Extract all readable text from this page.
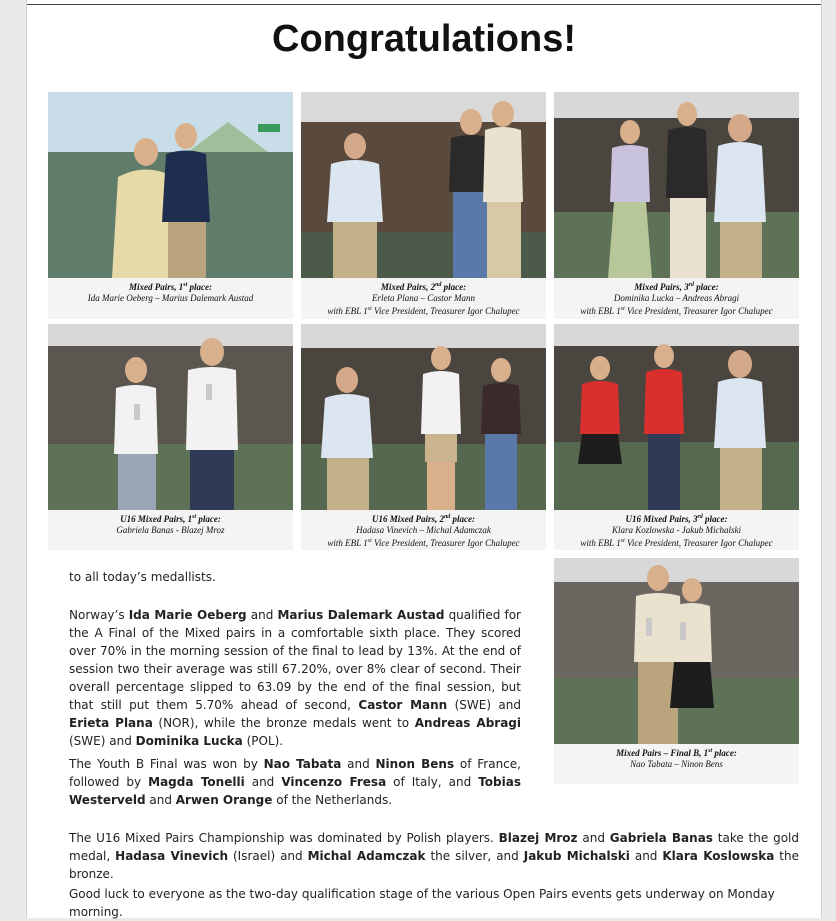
Congratulations!
Mixed Pairs, 1st place:
Ida Marie Oeberg – Marius Dalemark Austad
Mixed Pairs, 2nd place:
Erleta Plana – Castor Mann
with EBL 1st Vice President, Treasurer Igor Chalupec
Mixed Pairs, 3rd place:
Dominika Lucka – Andreas Abragi
with EBL 1st Vice President, Treasurer Igor Chalupec
U16 Mixed Pairs, 1st place:
Gabriela Banas - Blazej Mroz
U16 Mixed Pairs, 2nd place:
Hadasa Vinevich – Michal Adamczak
with EBL 1st Vice President, Treasurer Igor Chalupec
U16 Mixed Pairs, 3rd place:
Klara Kozlowska - Jakub Michalski
with EBL 1st Vice President, Treasurer Igor Chalupec
Mixed Pairs – Final B, 1st place:
Nao Tabata – Ninon Bens
to all today’s medallists.
Norway’s Ida Marie Oeberg and Marius Dalemark Austad qualified for the A Final of the Mixed pairs in a comfortable sixth place. They scored over 70% in the morning session of the final to lead by 13%. At the end of session two their average was still 67.20%, over 8% clear of second. Their overall percentage slipped to 63.09 by the end of the final session, but that still put them 5.70% ahead of second, Castor Mann (SWE) and Erieta Plana (NOR), while the bronze medals went to Andreas Abragi (SWE) and Dominika Lucka (POL).
The Youth B Final was won by Nao Tabata and Ninon Bens of France, followed by Magda Tonelli and Vincenzo Fresa of Italy, and Tobias Westerveld and Arwen Orange of the Netherlands.
The U16 Mixed Pairs Championship was dominated by Polish players. Blazej Mroz and Gabriela Banas take the gold medal, Hadasa Vinevich (Israel) and Michal Adamczak the silver, and Jakub Michalski and Klara Koslowska the bronze.
Good luck to everyone as the two-day qualification stage of the various Open Pairs events gets underway on Monday morning.
